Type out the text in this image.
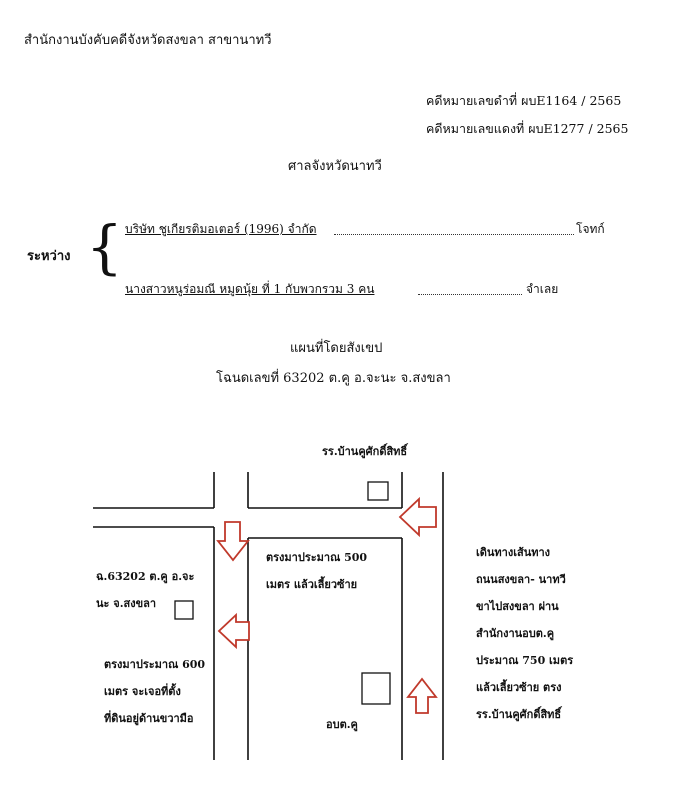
สำนักงานบังคับคดีจังหวัดสงขลา สาขานาทวี
คดีหมายเลขดำที่ ผบE1164 / 2565
คดีหมายเลขแดงที่ ผบE1277 / 2565
ศาลจังหวัดนาทวี
ระหว่าง { บริษัท ชูเกียรติมอเตอร์ (1996) จำกัด	โจทก์
นางสาวหนูร่อมณี หมูดนุ้ย ที่ 1 กับพวกรวม 3 คน	จำเลย
แผนที่โดยสังเขป
โฉนดเลขที่ 63202 ต.คู อ.จะนะ จ.สงขลา
รร.บ้านคูศักดิ์สิทธิ์
ตรงมาประมาณ 500
เมตร แล้วเลี้ยวซ้าย
ฉ.63202 ต.คู อ.จะ
นะ จ.สงขลา
ตรงมาประมาณ 600
เมตร จะเจอที่ตั้ง
ที่ดินอยู่ด้านขวามือ	อบต.คู
เดินทางเส้นทาง
ถนนสงขลา- นาทวี
ขาไปสงขลา ผ่าน
สำนักงานอบต.คู
ประมาณ 750 เมตร
แล้วเลี้ยวซ้าย ตรง
รร.บ้านคูศักดิ์สิทธิ์
